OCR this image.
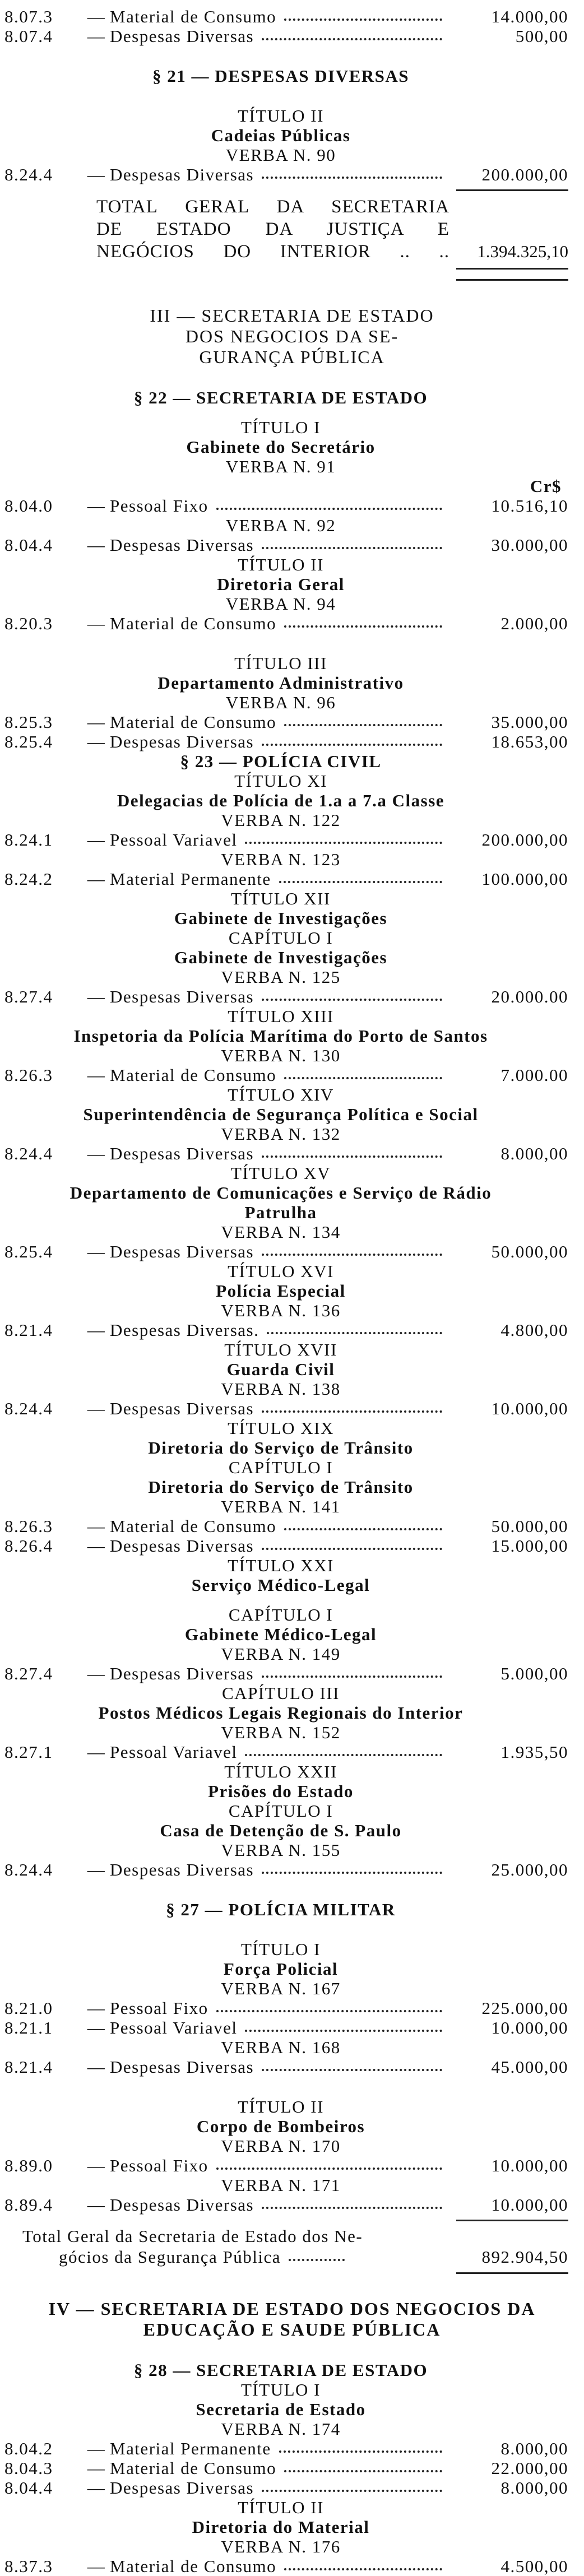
8.07.3	— Material de Consumo	14.000,00
8.07.4	— Despesas Diversas	500,00
§ 21 — DESPESAS DIVERSAS
TÍTULO II
Cadeias Públicas
VERBA N. 90
8.24.4	— Despesas Diversas	200.000,00
TOTAL GERAL DA SECRETARIA
DE ESTADO DA JUSTIÇA E
NEGÓCIOS DO INTERIOR .. ..	1.394.325,10
III — SECRETARIA DE ESTADO
DOS NEGOCIOS DA SE-
GURANÇA PÚBLICA
§ 22 — SECRETARIA DE ESTADO
TÍTULO I
Gabinete do Secretário
VERBA N. 91
Cr$
8.04.0	— Pessoal Fixo	10.516,10
VERBA N. 92
8.04.4	— Despesas Diversas	30.000,00
TÍTULO II
Diretoria Geral
VERBA N. 94
8.20.3	— Material de Consumo	2.000,00
TÍTULO III
Departamento Administrativo
VERBA N. 96
8.25.3	— Material de Consumo	35.000,00
8.25.4	— Despesas Diversas	18.653,00
§ 23 — POLÍCIA CIVIL
TÍTULO XI
Delegacias de Polícia de 1.a a 7.a Classe
VERBA N. 122
8.24.1	— Pessoal Variavel	200.000,00
VERBA N. 123
8.24.2	— Material Permanente	100.000,00
TÍTULO XII
Gabinete de Investigações
CAPÍTULO I
Gabinete de Investigações
VERBA N. 125
8.27.4	— Despesas Diversas	20.000.00
TÍTULO XIII
Inspetoria da Polícia Marítima do Porto de Santos
VERBA N. 130
8.26.3	— Material de Consumo	7.000.00
TÍTULO XIV
Superintendência de Segurança Política e Social
VERBA N. 132
8.24.4	— Despesas Diversas	8.000,00
TÍTULO XV
Departamento de Comunicações e Serviço de Rádio
Patrulha
VERBA N. 134
8.25.4	— Despesas Diversas	50.000,00
TÍTULO XVI
Polícia Especial
VERBA N. 136
8.21.4	— Despesas Diversas.	4.800,00
TÍTULO XVII
Guarda Civil
VERBA N. 138
8.24.4	— Despesas Diversas	10.000,00
TÍTULO XIX
Diretoria do Serviço de Trânsito
CAPÍTULO I
Diretoria do Serviço de Trânsito
VERBA N. 141
8.26.3	— Material de Consumo	50.000,00
8.26.4	— Despesas Diversas	15.000,00
TÍTULO XXI
Serviço Médico-Legal
CAPÍTULO I
Gabinete Médico-Legal
VERBA N. 149
8.27.4	— Despesas Diversas	5.000,00
CAPÍTULO III
Postos Médicos Legais Regionais do Interior
VERBA N. 152
8.27.1	— Pessoal Variavel	1.935,50
TÍTULO XXII
Prisões do Estado
CAPÍTULO I
Casa de Detenção de S. Paulo
VERBA N. 155
8.24.4	— Despesas Diversas	25.000,00
§ 27 — POLÍCIA MILITAR
TÍTULO I
Força Policial
VERBA N. 167
8.21.0	— Pessoal Fixo	225.000,00
8.21.1	— Pessoal Variavel	10.000,00
VERBA N. 168
8.21.4	— Despesas Diversas	45.000,00
TÍTULO II
Corpo de Bombeiros
VERBA N. 170
8.89.0	— Pessoal Fixo	10.000,00
VERBA N. 171
8.89.4	— Despesas Diversas	10.000,00
Total Geral da Secretaria de Estado dos Ne-
gócios da Segurança Pública	892.904,50
IV — SECRETARIA DE ESTADO DOS NEGOCIOS DA
EDUCAÇÃO E SAUDE PÚBLICA
§ 28 — SECRETARIA DE ESTADO
TÍTULO I
Secretaria de Estado
VERBA N. 174
8.04.2	— Material Permanente	8.000,00
8.04.3	— Material de Consumo	22.000,00
8.04.4	— Despesas Diversas	8.000,00
TÍTULO II
Diretoria do Material
VERBA N. 176
8.37.3	— Material de Consumo	4.500,00
